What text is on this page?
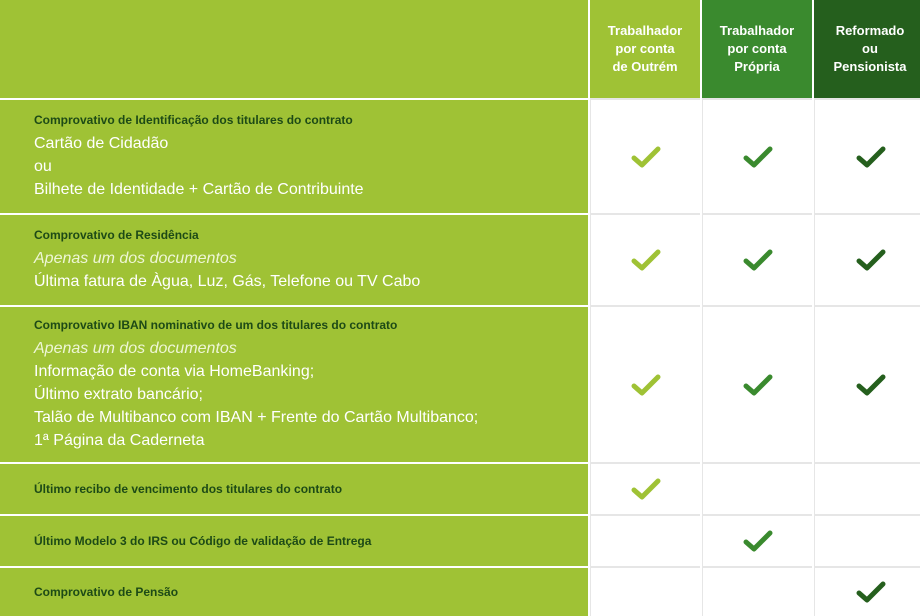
Trabalhador
por conta
de Outrém
Trabalhador
por conta
Própria
Reformado
ou
Pensionista
Comprovativo de Identificação dos titulares do contrato
Cartão de Cidadão
ou
Bilhete de Identidade + Cartão de Contribuinte
Comprovativo de Residência
Apenas um dos documentos
Última fatura de Àgua, Luz, Gás, Telefone ou TV Cabo
Comprovativo IBAN nominativo de um dos titulares do contrato
Apenas um dos documentos
Informação de conta via HomeBanking;
Último extrato bancário;
Talão de Multibanco com IBAN + Frente do Cartão Multibanco;
1ª Página da Caderneta
Último recibo de vencimento dos titulares do contrato
Último Modelo 3 do IRS ou Código de validação de Entrega
Comprovativo de Pensão
